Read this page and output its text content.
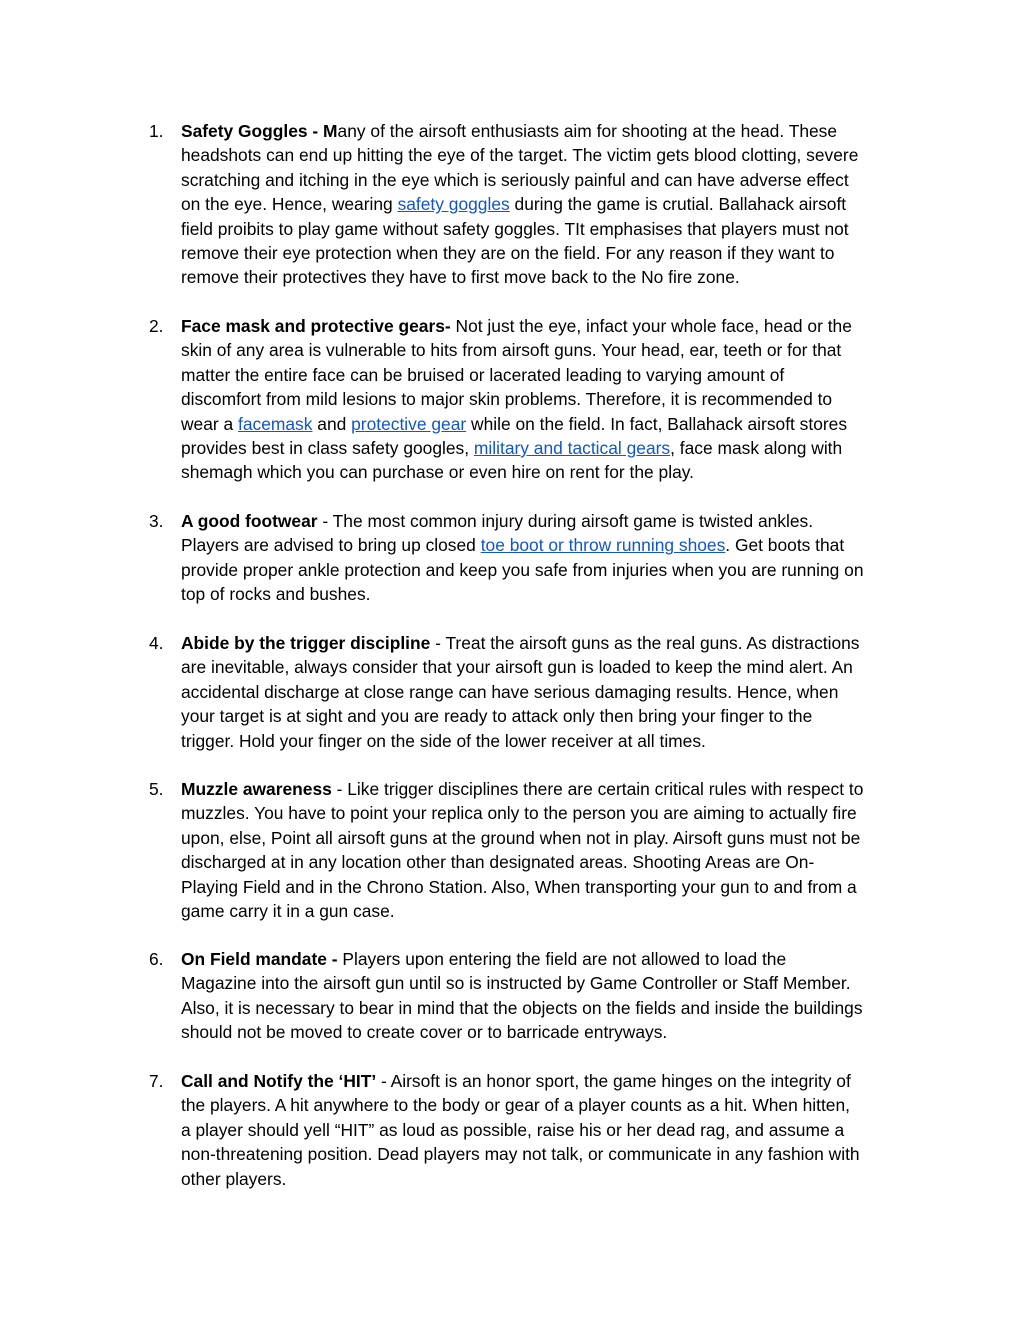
1. Safety Goggles - Many of the airsoft enthusiasts aim for shooting at the head. These
headshots can end up hitting the eye of the target. The victim gets blood clotting, severe
scratching and itching in the eye which is seriously painful and can have adverse effect
on the eye. Hence, wearing safety goggles during the game is crutial. Ballahack airsoft
field proibits to play game without safety goggles. TIt emphasises that players must not
remove their eye protection when they are on the field. For any reason if they want to
remove their protectives they have to first move back to the No fire zone.
2. Face mask and protective gears- Not just the eye, infact your whole face, head or the
skin of any area is vulnerable to hits from airsoft guns. Your head, ear, teeth or for that
matter the entire face can be bruised or lacerated leading to varying amount of
discomfort from mild lesions to major skin problems. Therefore, it is recommended to
wear a facemask and protective gear while on the field. In fact, Ballahack airsoft stores
provides best in class safety googles, military and tactical gears, face mask along with
shemagh which you can purchase or even hire on rent for the play.
3. A good footwear - The most common injury during airsoft game is twisted ankles.
Players are advised to bring up closed toe boot or throw running shoes. Get boots that
provide proper ankle protection and keep you safe from injuries when you are running on
top of rocks and bushes.
4. Abide by the trigger discipline - Treat the airsoft guns as the real guns. As distractions
are inevitable, always consider that your airsoft gun is loaded to keep the mind alert. An
accidental discharge at close range can have serious damaging results. Hence, when
your target is at sight and you are ready to attack only then bring your finger to the
trigger. Hold your finger on the side of the lower receiver at all times.
5. Muzzle awareness - Like trigger disciplines there are certain critical rules with respect to
muzzles. You have to point your replica only to the person you are aiming to actually fire
upon, else, Point all airsoft guns at the ground when not in play. Airsoft guns must not be
discharged at in any location other than designated areas. Shooting Areas are On-
Playing Field and in the Chrono Station. Also, When transporting your gun to and from a
game carry it in a gun case.
6. On Field mandate - Players upon entering the field are not allowed to load the
Magazine into the airsoft gun until so is instructed by Game Controller or Staff Member.
Also, it is necessary to bear in mind that the objects on the fields and inside the buildings
should not be moved to create cover or to barricade entryways.
7. Call and Notify the ‘HIT’ - Airsoft is an honor sport, the game hinges on the integrity of
the players. A hit anywhere to the body or gear of a player counts as a hit. When hitten,
a player should yell “HIT” as loud as possible, raise his or her dead rag, and assume a
non-threatening position. Dead players may not talk, or communicate in any fashion with
other players.
